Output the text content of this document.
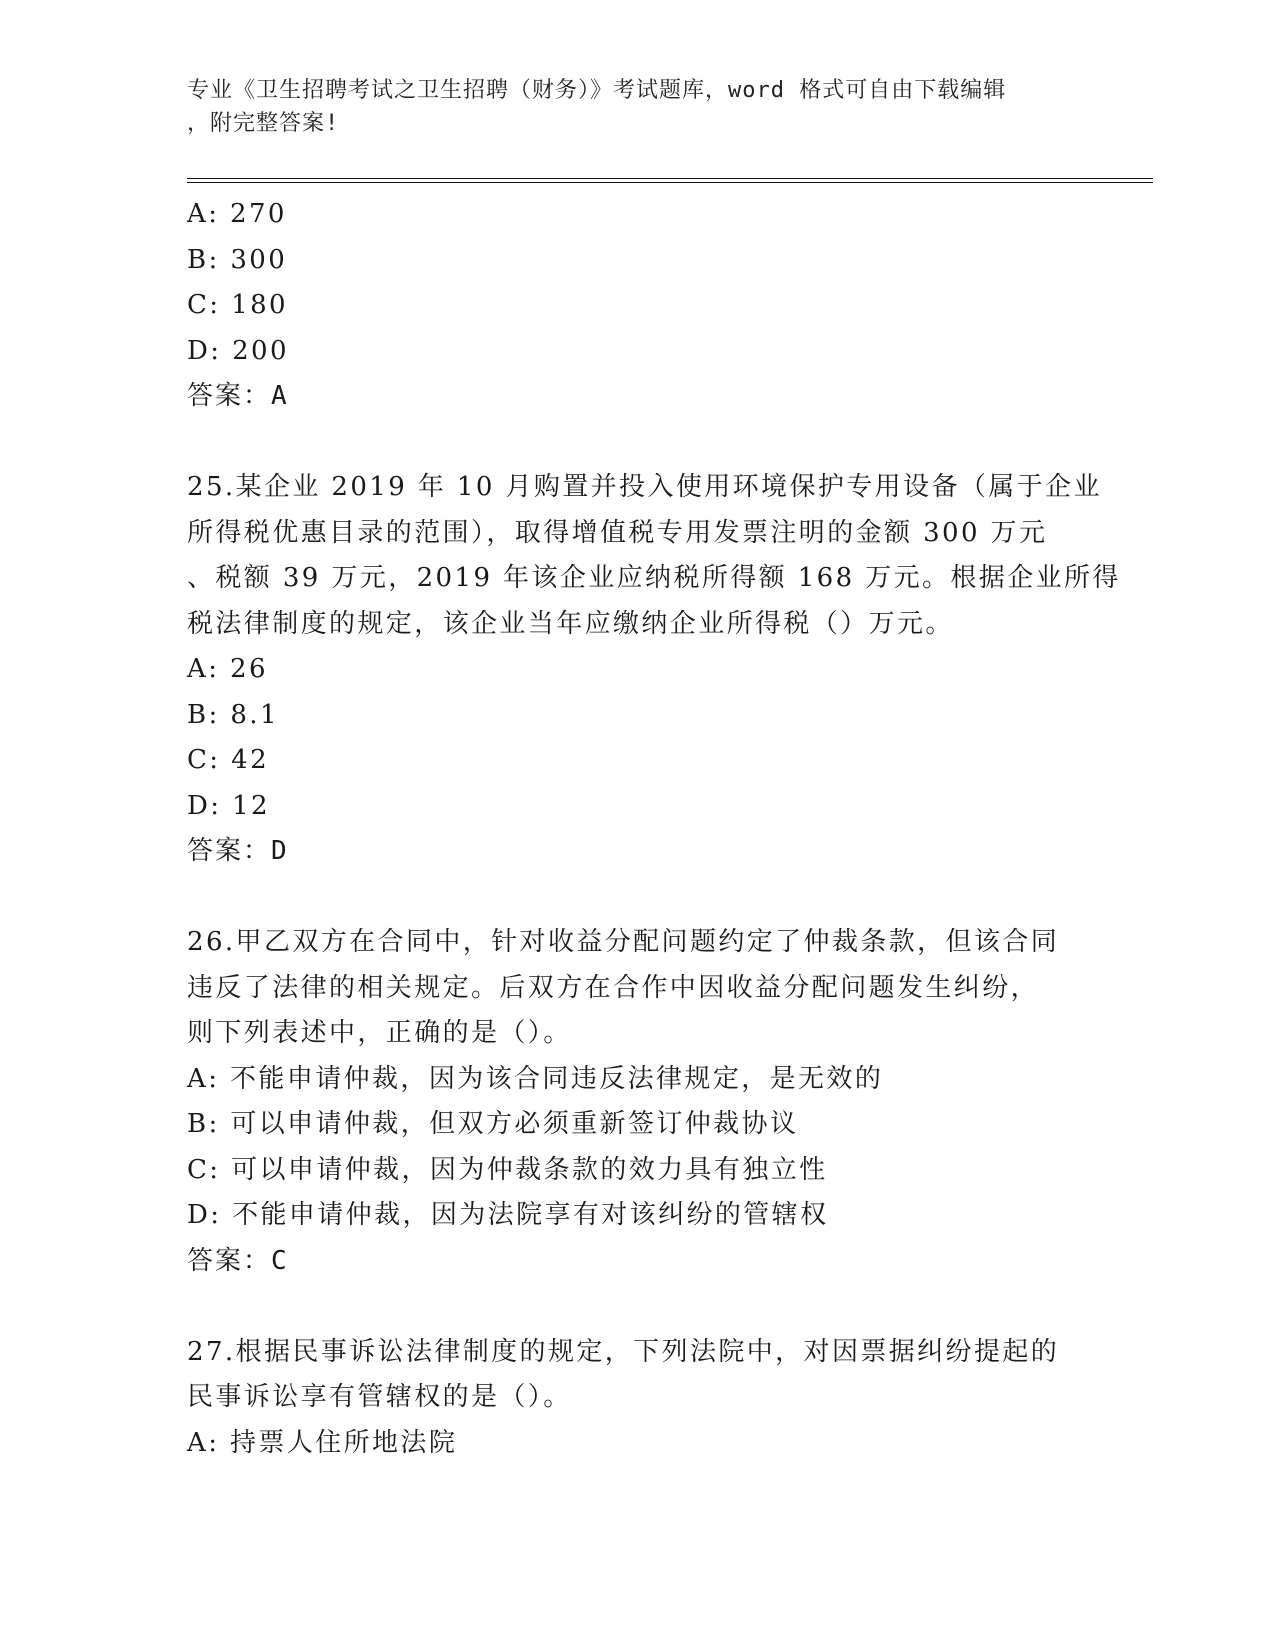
专业《卫生招聘考试之卫生招聘（财务）》考试题库，word 格式可自由下载编辑
，附完整答案!
A: 270
B: 300
C: 180
D: 200
答案：A
25.某企业 2019 年 10 月购置并投入使用环境保护专用设备（属于企业
所得税优惠目录的范围），取得增值税专用发票注明的金额 300 万元
、税额 39 万元，2019 年该企业应纳税所得额 168 万元。根据企业所得
税法律制度的规定，该企业当年应缴纳企业所得税（）万元。
A: 26
B: 8.1
C: 42
D: 12
答案：D
26.甲乙双方在合同中，针对收益分配问题约定了仲裁条款，但该合同
违反了法律的相关规定。后双方在合作中因收益分配问题发生纠纷，
则下列表述中，正确的是（）。
A: 不能申请仲裁，因为该合同违反法律规定，是无效的
B: 可以申请仲裁，但双方必须重新签订仲裁协议
C: 可以申请仲裁，因为仲裁条款的效力具有独立性
D: 不能申请仲裁，因为法院享有对该纠纷的管辖权
答案：C
27.根据民事诉讼法律制度的规定，下列法院中，对因票据纠纷提起的
民事诉讼享有管辖权的是（）。
A: 持票人住所地法院
